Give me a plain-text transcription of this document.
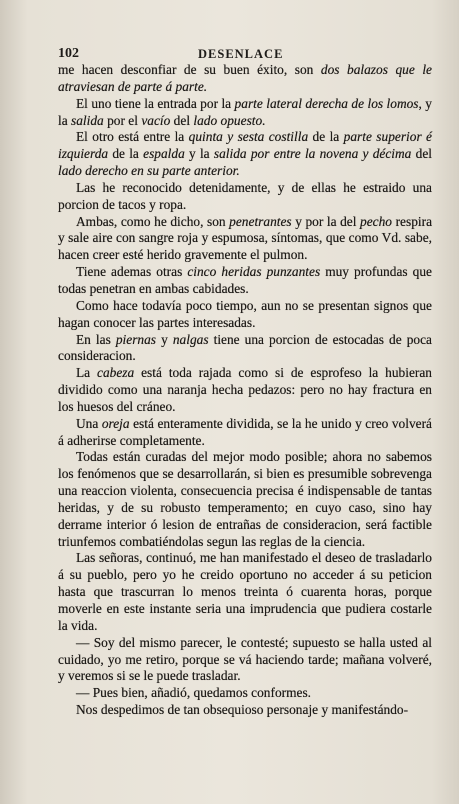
102	DESENLACE

me hacen desconfiar de su buen éxito, son dos balazos que le atraviesan de parte á parte.

El uno tiene la entrada por la parte lateral derecha de los lomos, y la salida por el vacío del lado opuesto.

El otro está entre la quinta y sesta costilla de la parte superior é izquierda de la espalda y la salida por entre la novena y décima del lado derecho en su parte anterior.

Las he reconocido detenidamente, y de ellas he estraido una porcion de tacos y ropa.

Ambas, como he dicho, son penetrantes y por la del pecho respira y sale aire con sangre roja y espumosa, síntomas, que como Vd. sabe, hacen creer esté herido gravemente el pulmon.

Tiene ademas otras cinco heridas punzantes muy profundas que todas penetran en ambas cabidades.

Como hace todavía poco tiempo, aun no se presentan signos que hagan conocer las partes interesadas.

En las piernas y nalgas tiene una porcion de estocadas de poca consideracion.

La cabeza está toda rajada como si de esprofeso la hubieran dividido como una naranja hecha pedazos: pero no hay fractura en los huesos del cráneo.

Una oreja está enteramente dividida, se la he unido y creo volverá á adherirse completamente.

Todas están curadas del mejor modo posible; ahora no sabemos los fenómenos que se desarrollarán, si bien es presumible sobrevenga una reaccion violenta, consecuencia precisa é indispensable de tantas heridas, y de su robusto temperamento; en cuyo caso, sino hay derrame interior ó lesion de entrañas de consideracion, será factible triunfemos combatiéndolas segun las reglas de la ciencia.

Las señoras, continuó, me han manifestado el deseo de trasladarlo á su pueblo, pero yo he creido oportuno no acceder á su peticion hasta que trascurran lo menos treinta ó cuarenta horas, porque moverle en este instante seria una imprudencia que pudiera costarle la vida.

— Soy del mismo parecer, le contesté; supuesto se halla usted al cuidado, yo me retiro, porque se vá haciendo tarde; mañana volveré, y veremos si se le puede trasladar.

— Pues bien, añadió, quedamos conformes.

Nos despedimos de tan obsequioso personaje y manifestándo-
